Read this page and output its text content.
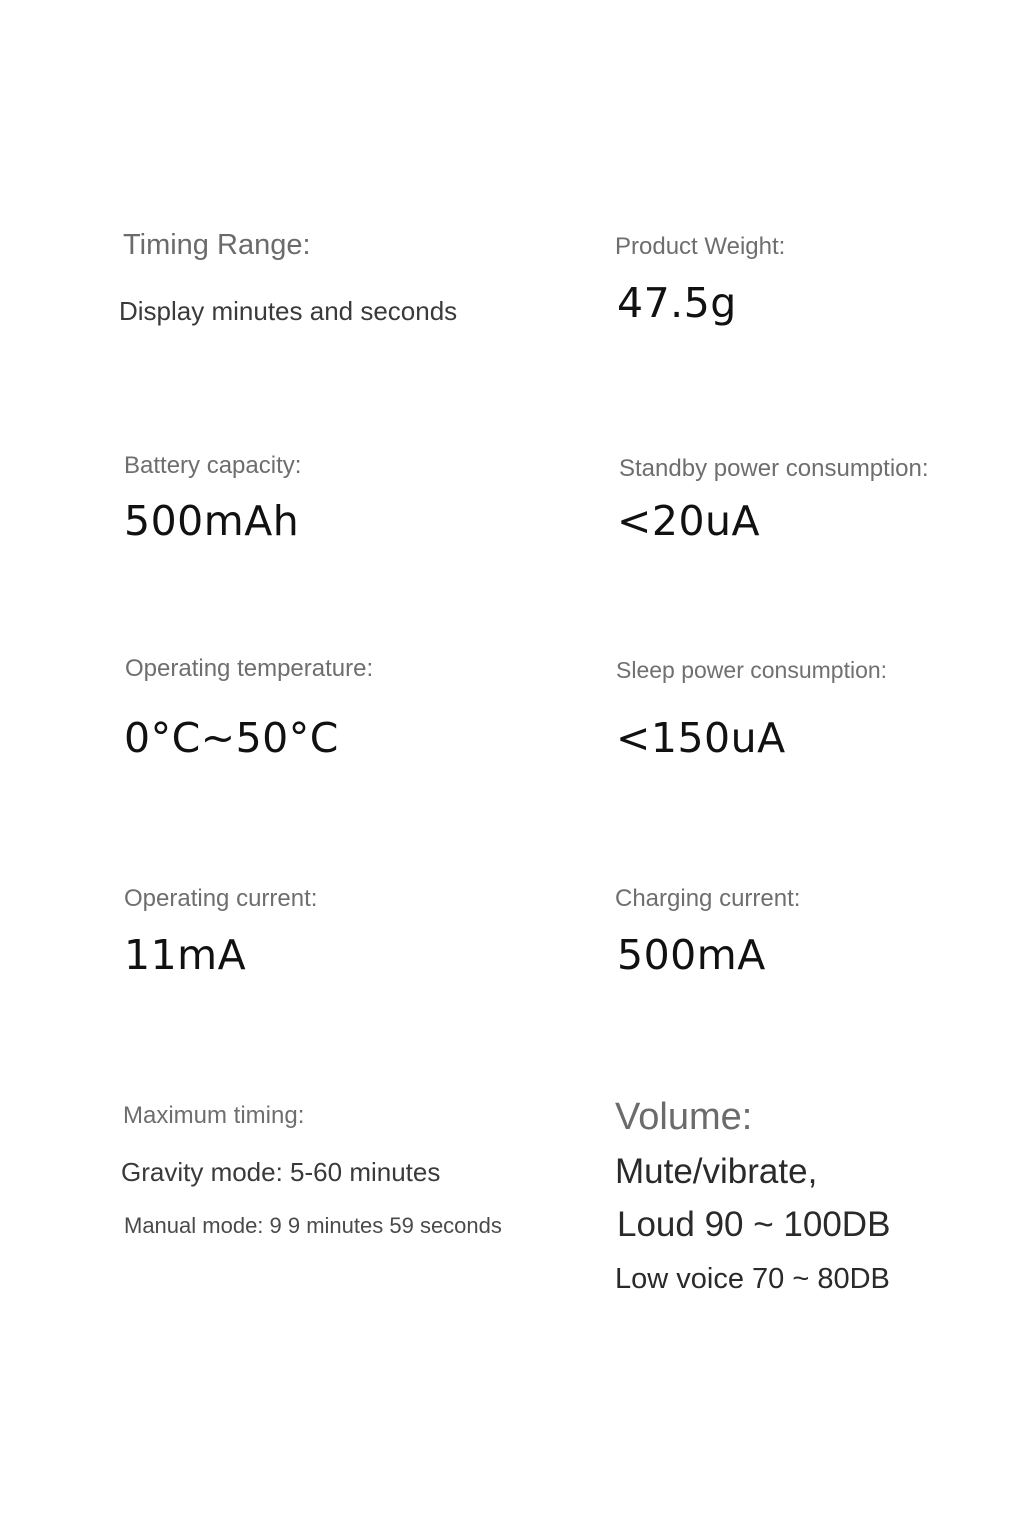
Timing Range:
Display minutes and seconds
Product Weight:
47.5g
Battery capacity:
500mAh
Standby power consumption:
<20uA
Operating temperature:
0°C~50°C
Sleep power consumption:
<150uA
Operating current:
11mA
Charging current:
500mA
Maximum timing:
Gravity mode: 5-60 minutes
Manual mode: 9 9 minutes 59 seconds
Volume:
Mute/vibrate,
Loud 90 ~ 100DB
Low voice 70 ~ 80DB
